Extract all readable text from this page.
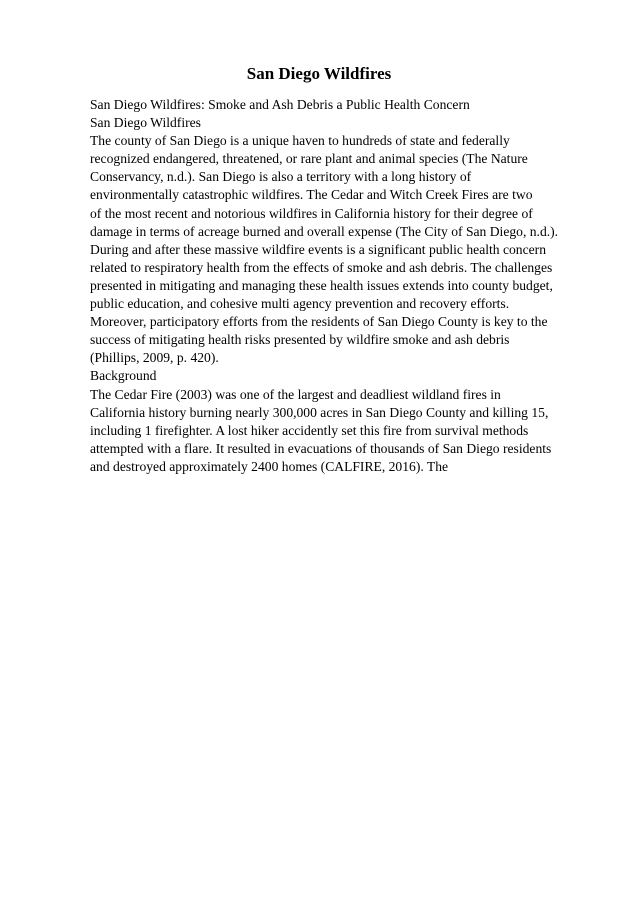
San Diego Wildfires
San Diego Wildfires: Smoke and Ash Debris a Public Health Concern
San Diego Wildfires
The county of San Diego is a unique haven to hundreds of state and federally
recognized endangered, threatened, or rare plant and animal species (The Nature
Conservancy, n.d.). San Diego is also a territory with a long history of
environmentally catastrophic wildfires. The Cedar and Witch Creek Fires are two
of the most recent and notorious wildfires in California history for their degree of
damage in terms of acreage burned and overall expense (The City of San Diego, n.d.).
During and after these massive wildfire events is a significant public health concern
related to respiratory health from the effects of smoke and ash debris. The challenges
presented in mitigating and managing these health issues extends into county budget,
public education, and cohesive multi agency prevention and recovery efforts.
Moreover, participatory efforts from the residents of San Diego County is key to the
success of mitigating health risks presented by wildfire smoke and ash debris
(Phillips, 2009, p. 420).
Background
The Cedar Fire (2003) was one of the largest and deadliest wildland fires in
California history burning nearly 300,000 acres in San Diego County and killing 15,
including 1 firefighter. A lost hiker accidently set this fire from survival methods
attempted with a flare. It resulted in evacuations of thousands of San Diego residents
and destroyed approximately 2400 homes (CALFIRE, 2016). The
